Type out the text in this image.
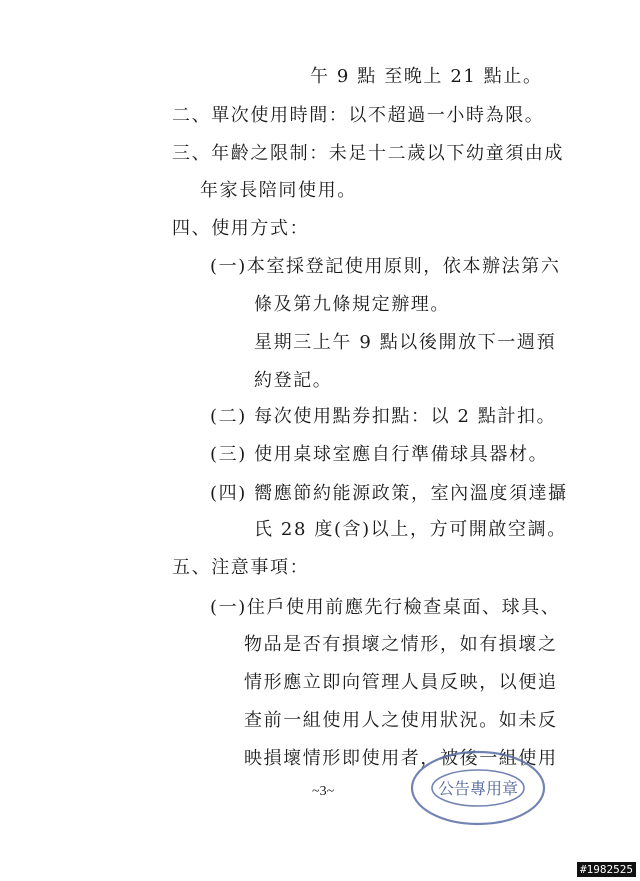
午 9 點 至晚上 21 點止。
二、單次使用時間：以不超過一小時為限。
三、年齡之限制：未足十二歲以下幼童須由成
年家長陪同使用。
四、使用方式：
(一)本室採登記使用原則，依本辦法第六
條及第九條規定辦理。
星期三上午 9 點以後開放下一週預
約登記。
(二) 每次使用點券扣點：以 2 點計扣。
(三) 使用桌球室應自行準備球具器材。
(四) 嚮應節約能源政策，室內溫度須達攝
氏 28 度(含)以上，方可開啟空調。
五、注意事項：
(一)住戶使用前應先行檢查桌面、球具、
物品是否有損壞之情形，如有損壞之
情形應立即向管理人員反映，以便追
查前一組使用人之使用狀況。如未反
映損壞情形即使用者，被後一組使用
~3~	公告專用章
#1982525
